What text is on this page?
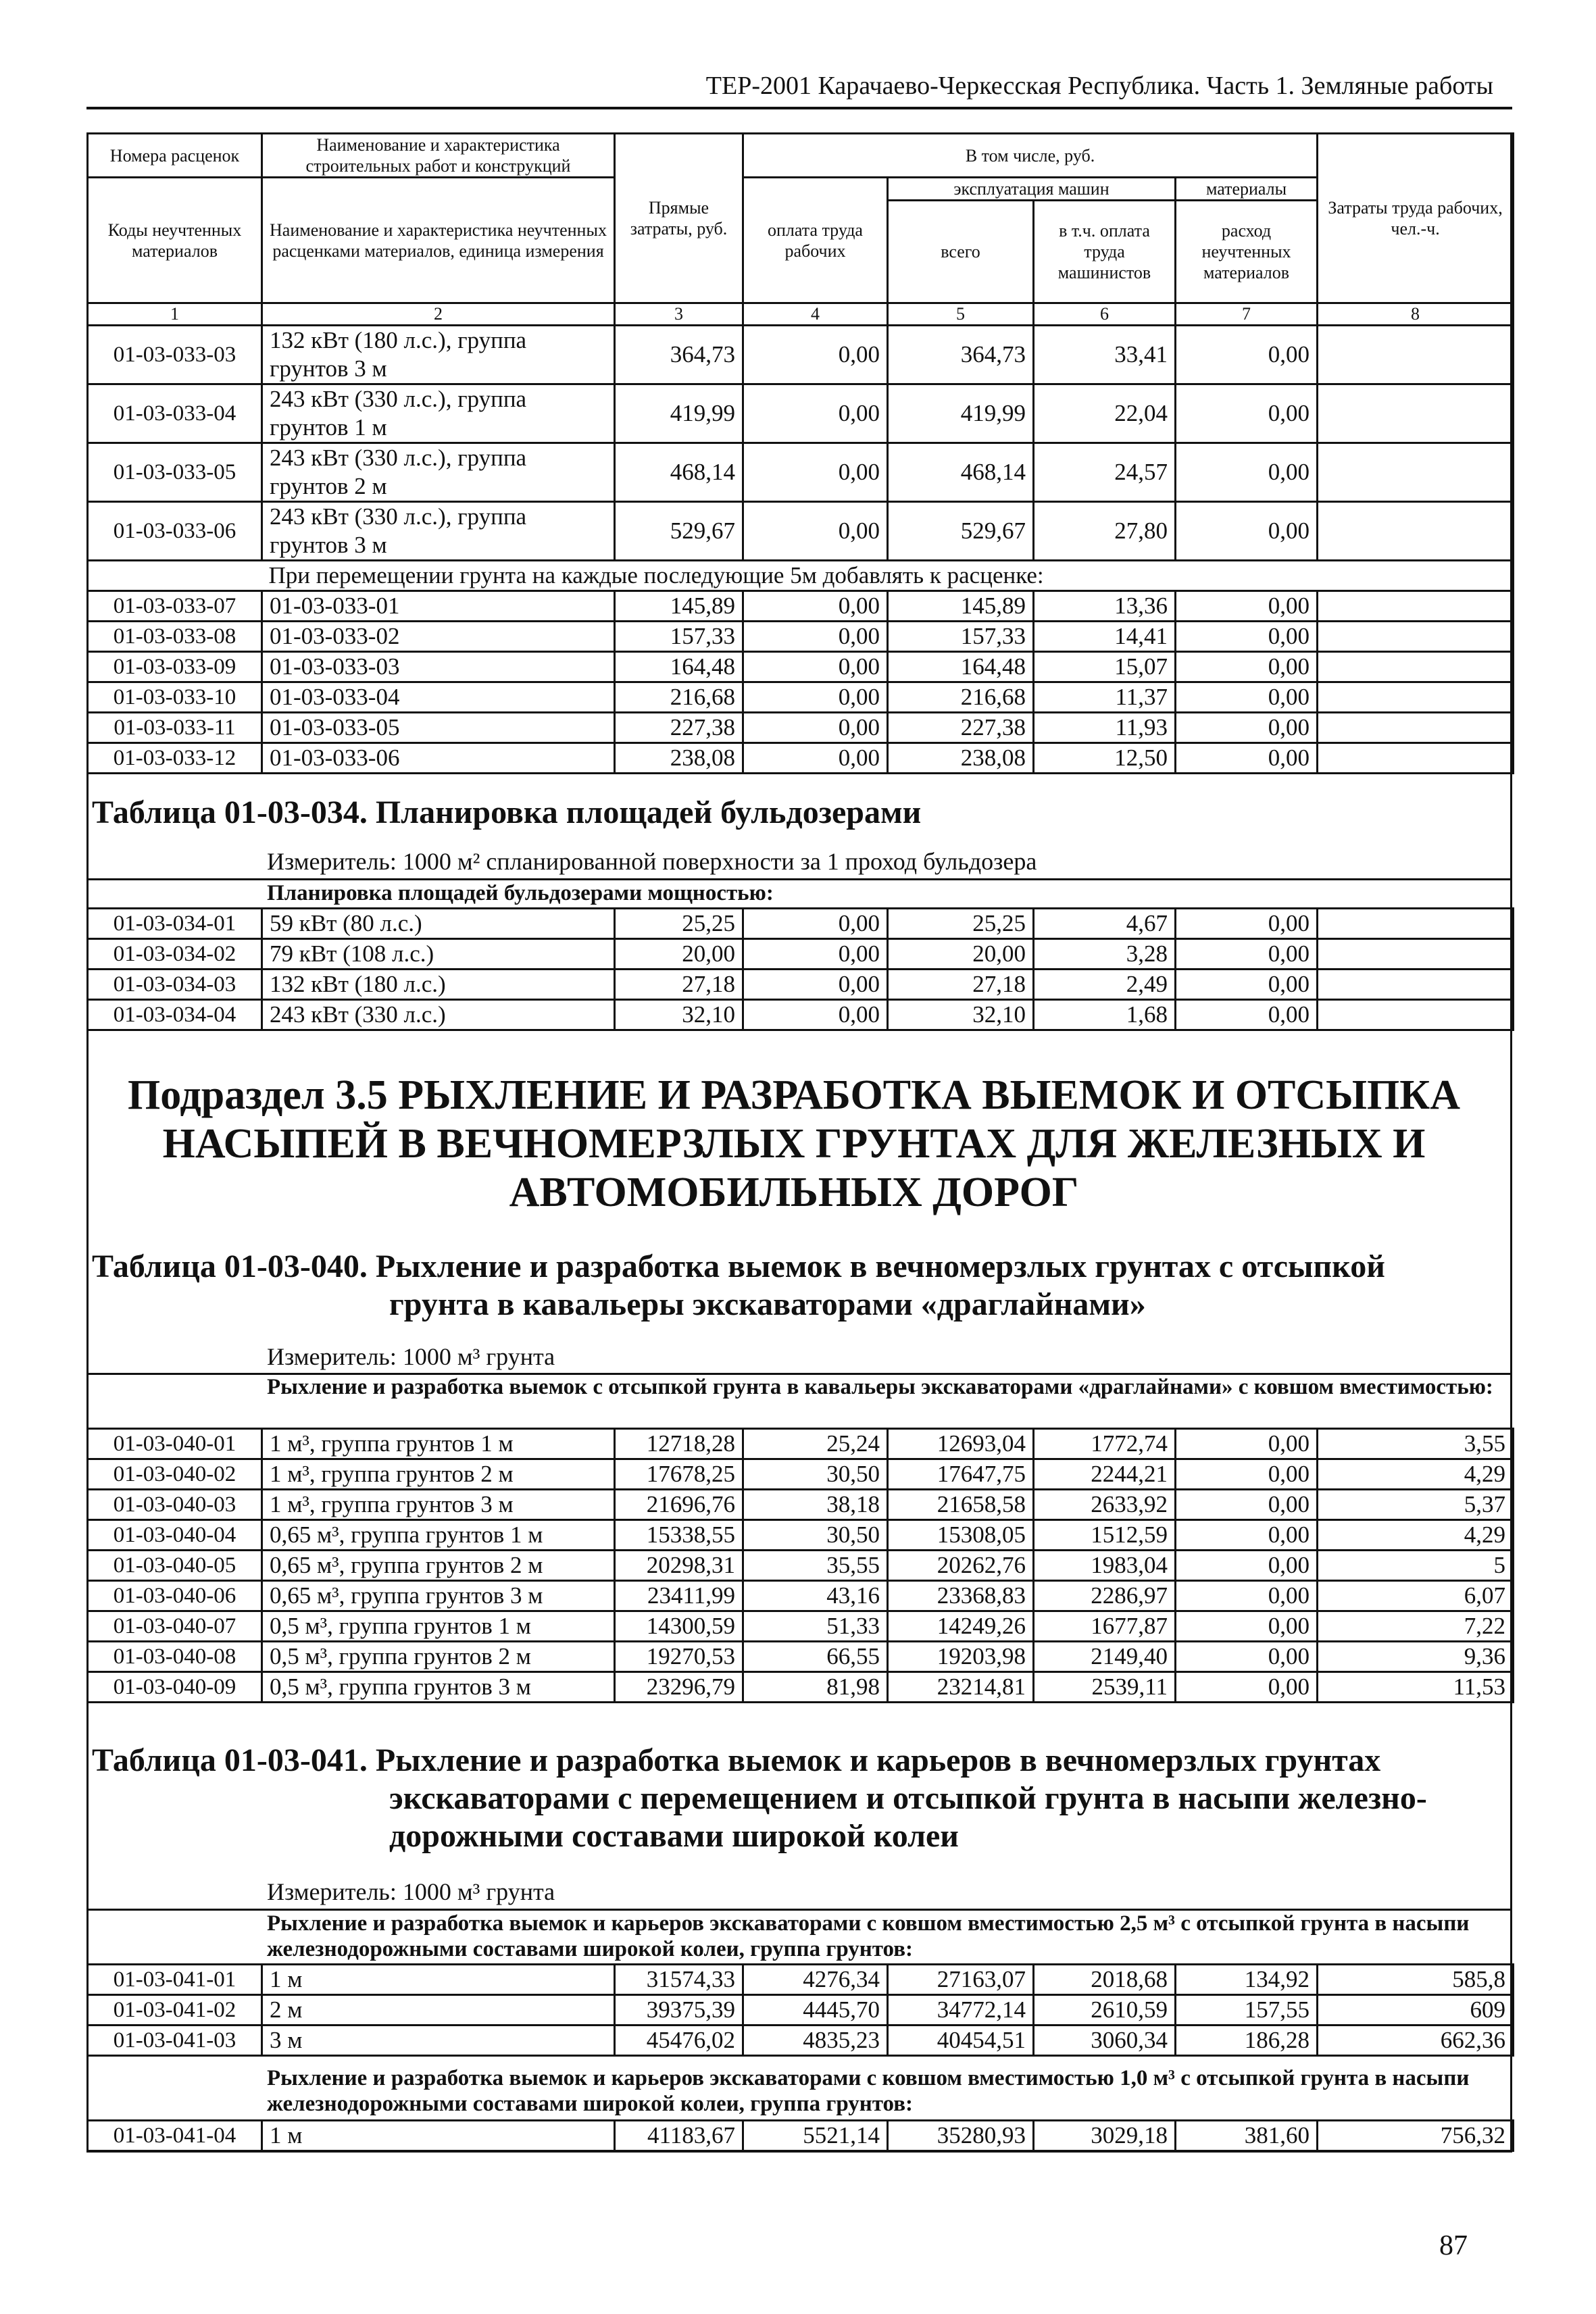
ТЕР-2001 Карачаево-Черкесская Республика. Часть 1. Земляные работы
Номера расценок	Наименование и характеристика строительных работ и конструкций	Прямые затраты, руб.	В том числе, руб.				Затраты труда рабочих, чел.-ч.
Коды неучтенных материалов	Наименование и характеристика неучтенных расценками материалов, единица измерения		оплата труда рабочих	эксплуатация машин		материалы	
				всего	в т.ч. оплата труда машинистов	расход неучтенных материалов	
1	2	3	4	5	6	7	8
01-03-033-03	132 кВт (180 л.с.), группа грунтов 3 м	364,73	0,00	364,73	33,41	0,00	
01-03-033-04	243 кВт (330 л.с.), группа грунтов 1 м	419,99	0,00	419,99	22,04	0,00	
01-03-033-05	243 кВт (330 л.с.), группа грунтов 2 м	468,14	0,00	468,14	24,57	0,00	
01-03-033-06	243 кВт (330 л.с.), группа грунтов 3 м	529,67	0,00	529,67	27,80	0,00	
	При перемещении грунта на каждые последующие 5м добавлять к расценке:						
01-03-033-07	01-03-033-01	145,89	0,00	145,89	13,36	0,00	
01-03-033-08	01-03-033-02	157,33	0,00	157,33	14,41	0,00	
01-03-033-09	01-03-033-03	164,48	0,00	164,48	15,07	0,00	
01-03-033-10	01-03-033-04	216,68	0,00	216,68	11,37	0,00	
01-03-033-11	01-03-033-05	227,38	0,00	227,38	11,93	0,00	
01-03-033-12	01-03-033-06	238,08	0,00	238,08	12,50	0,00	
Таблица 01-03-034. Планировка площадей бульдозерами
Измеритель: 1000 м² спланированной поверхности за 1 проход бульдозера
Планировка площадей бульдозерами мощностью:
01-03-034-01	59 кВт (80 л.с.)	25,25	0,00	25,25	4,67	0,00	
01-03-034-02	79 кВт (108 л.с.)	20,00	0,00	20,00	3,28	0,00	
01-03-034-03	132 кВт (180 л.с.)	27,18	0,00	27,18	2,49	0,00	
01-03-034-04	243 кВт (330 л.с.)	32,10	0,00	32,10	1,68	0,00	
Подраздел 3.5 РЫХЛЕНИЕ И РАЗРАБОТКА ВЫЕМОК И ОТСЫПКА НАСЫПЕЙ В ВЕЧНОМЕРЗЛЫХ ГРУНТАХ ДЛЯ ЖЕЛЕЗНЫХ И АВТОМОБИЛЬНЫХ ДОРОГ
Таблица 01-03-040. Рыхление и разработка выемок в вечномерзлых грунтах с отсыпкой
грунта в кавальеры экскаваторами «драглайнами»
Измеритель: 1000 м³ грунта
Рыхление и разработка выемок с отсыпкой грунта в кавальеры экскаваторами «драглайнами» с ковшом вместимостью:
01-03-040-01	1 м³, группа грунтов 1 м	12718,28	25,24	12693,04	1772,74	0,00	3,55
01-03-040-02	1 м³, группа грунтов 2 м	17678,25	30,50	17647,75	2244,21	0,00	4,29
01-03-040-03	1 м³, группа грунтов 3 м	21696,76	38,18	21658,58	2633,92	0,00	5,37
01-03-040-04	0,65 м³, группа грунтов 1 м	15338,55	30,50	15308,05	1512,59	0,00	4,29
01-03-040-05	0,65 м³, группа грунтов 2 м	20298,31	35,55	20262,76	1983,04	0,00	5
01-03-040-06	0,65 м³, группа грунтов 3 м	23411,99	43,16	23368,83	2286,97	0,00	6,07
01-03-040-07	0,5 м³, группа грунтов 1 м	14300,59	51,33	14249,26	1677,87	0,00	7,22
01-03-040-08	0,5 м³, группа грунтов 2 м	19270,53	66,55	19203,98	2149,40	0,00	9,36
01-03-040-09	0,5 м³, группа грунтов 3 м	23296,79	81,98	23214,81	2539,11	0,00	11,53
Таблица 01-03-041. Рыхление и разработка выемок и карьеров в вечномерзлых грунтах
экскаваторами с перемещением и отсыпкой грунта в насыпи железно-
дорожными составами широкой колеи
Измеритель: 1000 м³ грунта
Рыхление и разработка выемок и карьеров экскаваторами с ковшом вместимостью 2,5 м³ с отсыпкой грунта в насыпи железнодорожными составами широкой колеи, группа грунтов:
01-03-041-01	1 м	31574,33	4276,34	27163,07	2018,68	134,92	585,8
01-03-041-02	2 м	39375,39	4445,70	34772,14	2610,59	157,55	609
01-03-041-03	3 м	45476,02	4835,23	40454,51	3060,34	186,28	662,36
Рыхление и разработка выемок и карьеров экскаваторами с ковшом вместимостью 1,0 м³ с отсыпкой грунта в насыпи железнодорожными составами широкой колеи, группа грунтов:
01-03-041-04	1 м	41183,67	5521,14	35280,93	3029,18	381,60	756,32
87
